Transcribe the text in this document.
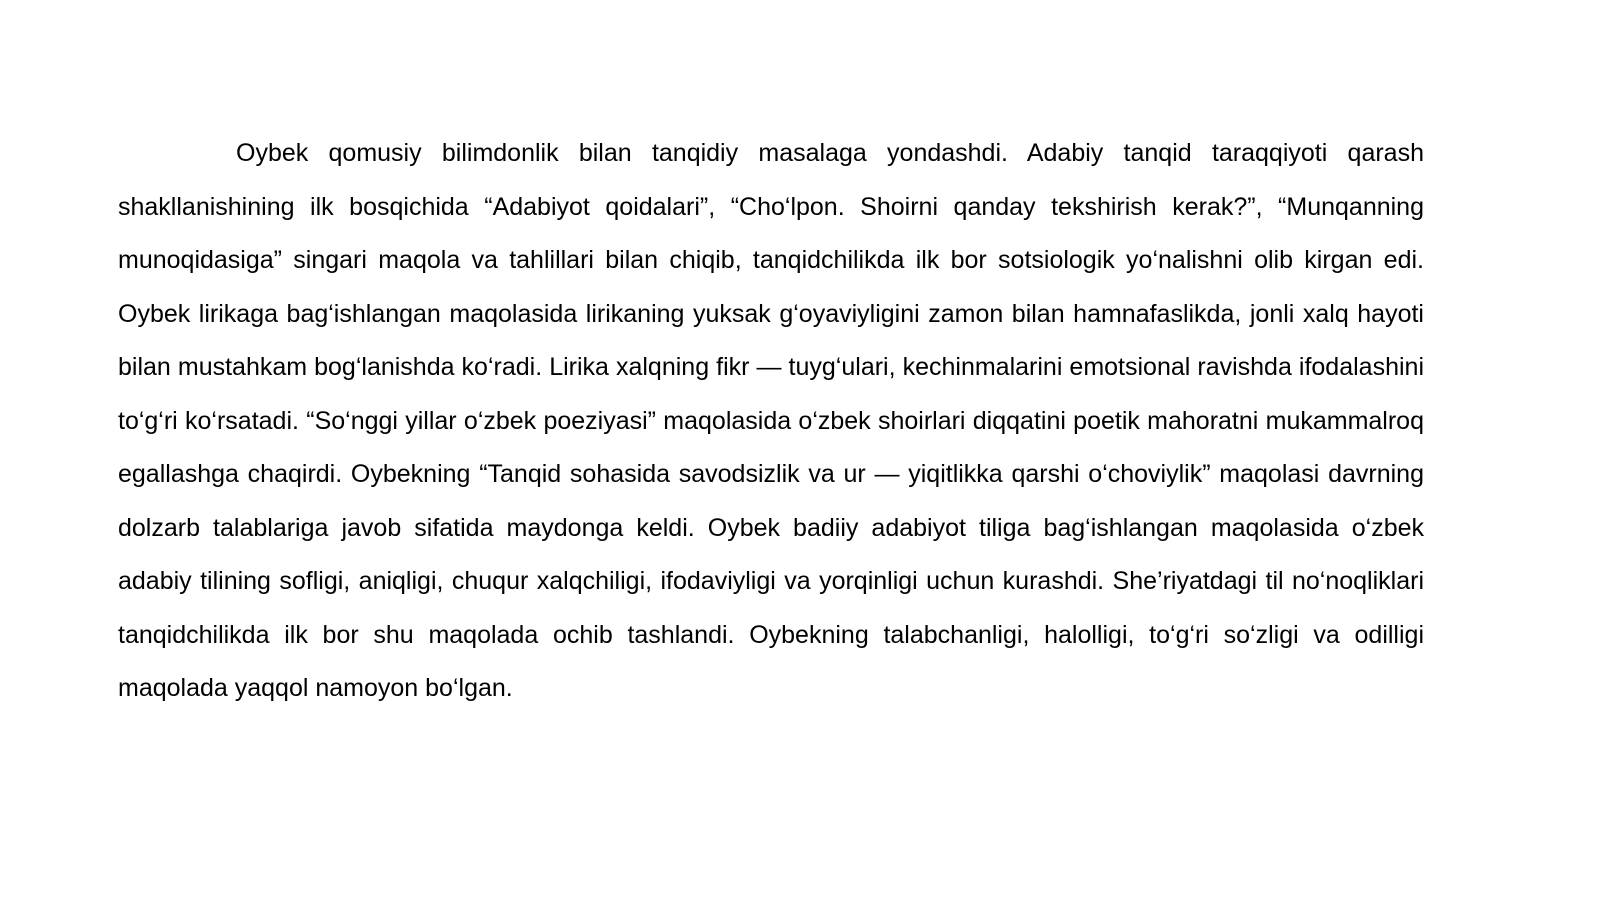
Oybek qomusiy bilimdonlik bilan tanqidiy masalaga yondashdi. Adabiy tanqid taraqqiyoti qarash shakllanishining ilk bosqichida “Adabiyot qoidalari”, “Cho‘lpon. Shoirni qanday tekshirish kerak?”, “Munqanning munoqidasiga” singari maqola va tahlillari bilan chiqib, tanqidchilikda ilk bor sotsiologik yo‘nalishni olib kirgan edi. Oybek lirikaga bag‘ishlangan maqolasida lirikaning yuksak g‘oyaviyligini zamon bilan hamnafaslikda, jonli xalq hayoti bilan mustahkam bog‘lanishda ko‘radi. Lirika xalqning fikr — tuyg‘ulari, kechinmalarini emotsional ravishda ifodalashini to‘g‘ri ko‘rsatadi. “So‘nggi yillar o‘zbek poeziyasi” maqolasida o‘zbek shoirlari diqqatini poetik mahoratni mukammalroq egallashga chaqirdi. Oybekning “Tanqid sohasida savodsizlik va ur — yiqitlikka qarshi o‘choviylik” maqolasi davrning dolzarb talablariga javob sifatida maydonga keldi. Oybek badiiy adabiyot tiliga bag‘ishlangan maqolasida o‘zbek adabiy tilining sofligi, aniqligi, chuqur xalqchiligi, ifodaviyligi va yorqinligi uchun kurashdi. She’riyatdagi til no‘noqliklari tanqidchilikda ilk bor shu maqolada ochib tashlandi. Oybekning talabchanligi, halolligi, to‘g‘ri so‘zligi va odilligi maqolada yaqqol namoyon bo‘lgan.
